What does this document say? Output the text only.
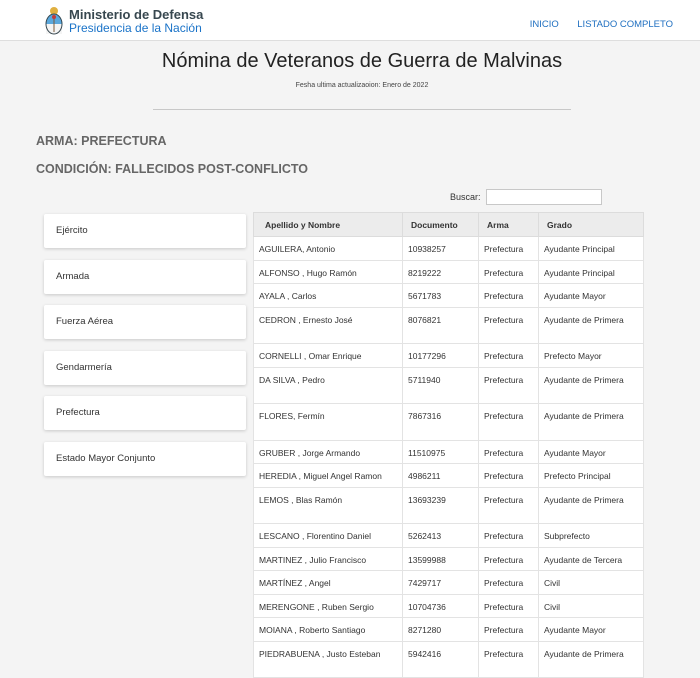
Ministerio de Defensa
Presidencia de la Nación	INICIO LISTADO COMPLETO
Nómina de Veteranos de Guerra de Malvinas
Fesha ultima actualizaoion: Enero de 2022
ARMA: PREFECTURA
CONDICIÓN: FALLECIDOS POST-CONFLICTO
Buscar:
Ejército
Armada
Fuerza Aérea
Gendarmería
Prefectura
Estado Mayor Conjunto
Apellido y Nombre	Documento	Arma	Grado
AGUILERA, Antonio	10938257	Prefectura	Ayudante Principal
ALFONSO , Hugo Ramón	8219222	Prefectura	Ayudante Principal
AYALA , Carlos	5671783	Prefectura	Ayudante Mayor
CEDRON , Ernesto José	8076821	Prefectura	Ayudante de Primera
CORNELLI , Omar Enrique	10177296	Prefectura	Prefecto Mayor
DA SILVA , Pedro	5711940	Prefectura	Ayudante de Primera
FLORES, Fermín	7867316	Prefectura	Ayudante de Primera
GRUBER , Jorge Armando	11510975	Prefectura	Ayudante Mayor
HEREDIA , Miguel Angel Ramon	4986211	Prefectura	Prefecto Principal
LEMOS , Blas Ramón	13693239	Prefectura	Ayudante de Primera
LESCANO , Florentino Daniel	5262413	Prefectura	Subprefecto
MARTINEZ , Julio Francisco	13599988	Prefectura	Ayudante de Tercera
MARTÍNEZ , Angel	7429717	Prefectura	Civil
MERENGONE , Ruben Sergio	10704736	Prefectura	Civil
MOIANA , Roberto Santiago	8271280	Prefectura	Ayudante Mayor
PIEDRABUENA , Justo Esteban	5942416	Prefectura	Ayudante de Primera
